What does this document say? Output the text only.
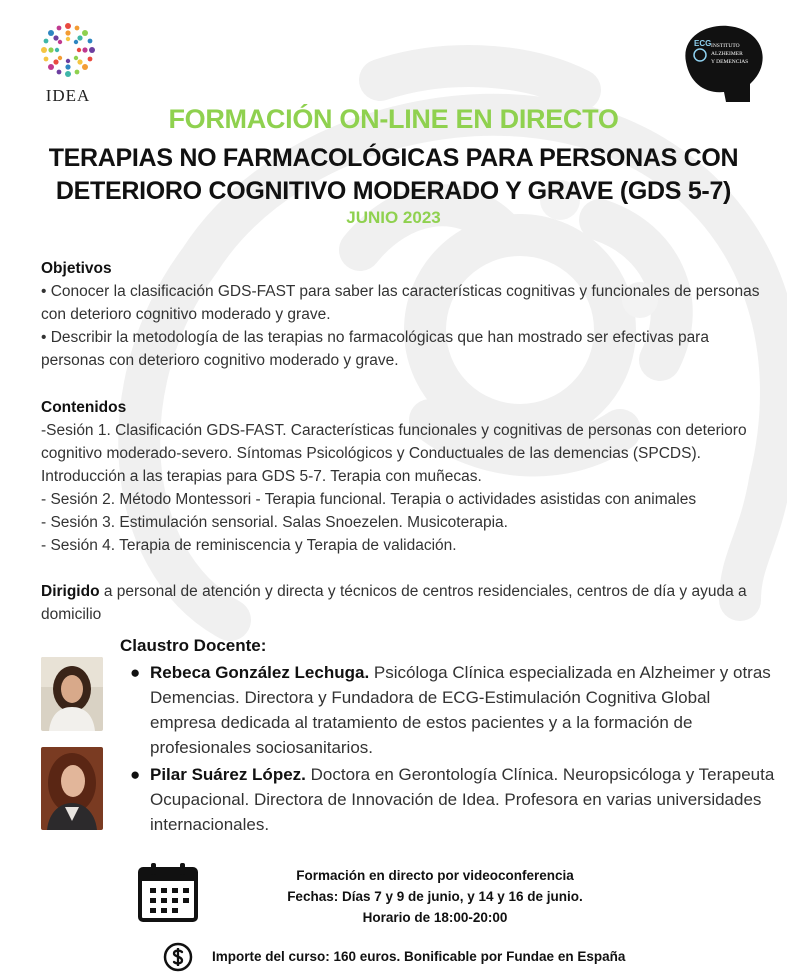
IDEA
ECG INSTITUTO
ALZHEIMER
Y DEMENCIAS
FORMACIÓN ON-LINE EN DIRECTO
TERAPIAS NO FARMACOLÓGICAS PARA PERSONAS CON
DETERIORO COGNITIVO MODERADO Y GRAVE (GDS 5-7)
JUNIO 2023
Objetivos

• Conocer la clasificación GDS-FAST para saber las características cognitivas y funcionales de personas con deterioro cognitivo moderado y grave.

• Describir la metodología de las terapias no farmacológicas que han mostrado ser efectivas para personas con deterioro cognitivo moderado y grave.

Contenidos

-Sesión 1. Clasificación GDS-FAST. Características funcionales y cognitivas de personas con deterioro cognitivo moderado-severo. Síntomas Psicológicos y Conductuales de las demencias (SPCDS). Introducción a las terapias para GDS 5-7. Terapia con muñecas.

- Sesión 2. Método Montessori - Terapia funcional. Terapia o actividades asistidas con animales

- Sesión 3. Estimulación sensorial. Salas Snoezelen. Musicoterapia.

- Sesión 4. Terapia de reminiscencia y Terapia de validación.

Dirigido a personal de atención y directa y técnicos de centros residenciales, centros de día y ayuda a domicilio

Claustro Docente:
● Rebeca González Lechuga. Psicóloga Clínica especializada en Alzheimer y otras Demencias. Directora y Fundadora de ECG-Estimulación Cognitiva Global empresa dedicada al tratamiento de estos pacientes y a la formación de profesionales sociosanitarios.
● Pilar Suárez López. Doctora en Gerontología Clínica. Neuropsicóloga y Terapeuta Ocupacional. Directora de Innovación de Idea. Profesora en varias universidades internacionales.
Formación en directo por videoconferencia
Fechas: Días 7 y 9 de junio, y 14 y 16 de junio.
Horario de 18:00-20:00
Importe del curso: 160 euros. Bonificable por Fundae en España
